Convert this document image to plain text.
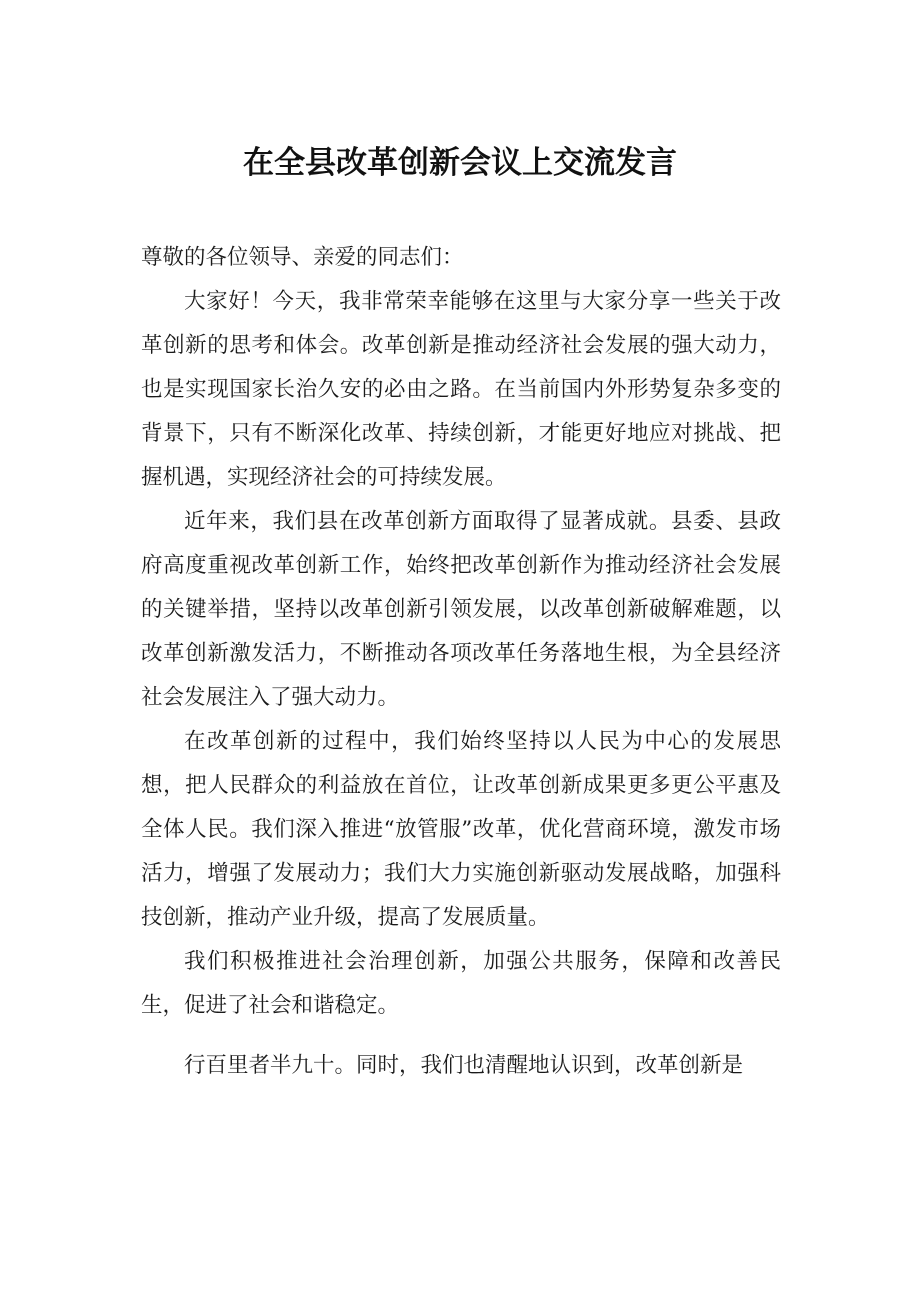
在全县改革创新会议上交流发言

尊敬的各位领导、亲爱的同志们：

大家好！今天，我非常荣幸能够在这里与大家分享一些关于改革创新的思考和体会。改革创新是推动经济社会发展的强大动力，也是实现国家长治久安的必由之路。在当前国内外形势复杂多变的背景下，只有不断深化改革、持续创新，才能更好地应对挑战、把握机遇，实现经济社会的可持续发展。

近年来，我们县在改革创新方面取得了显著成就。县委、县政府高度重视改革创新工作，始终把改革创新作为推动经济社会发展的关键举措，坚持以改革创新引领发展，以改革创新破解难题，以改革创新激发活力，不断推动各项改革任务落地生根，为全县经济社会发展注入了强大动力。

在改革创新的过程中，我们始终坚持以人民为中心的发展思想，把人民群众的利益放在首位，让改革创新成果更多更公平惠及全体人民。我们深入推进“放管服”改革，优化营商环境，激发市场活力，增强了发展动力；我们大力实施创新驱动发展战略，加强科技创新，推动产业升级，提高了发展质量。

我们积极推进社会治理创新，加强公共服务，保障和改善民生，促进了社会和谐稳定。

行百里者半九十。同时，我们也清醒地认识到，改革创新是
